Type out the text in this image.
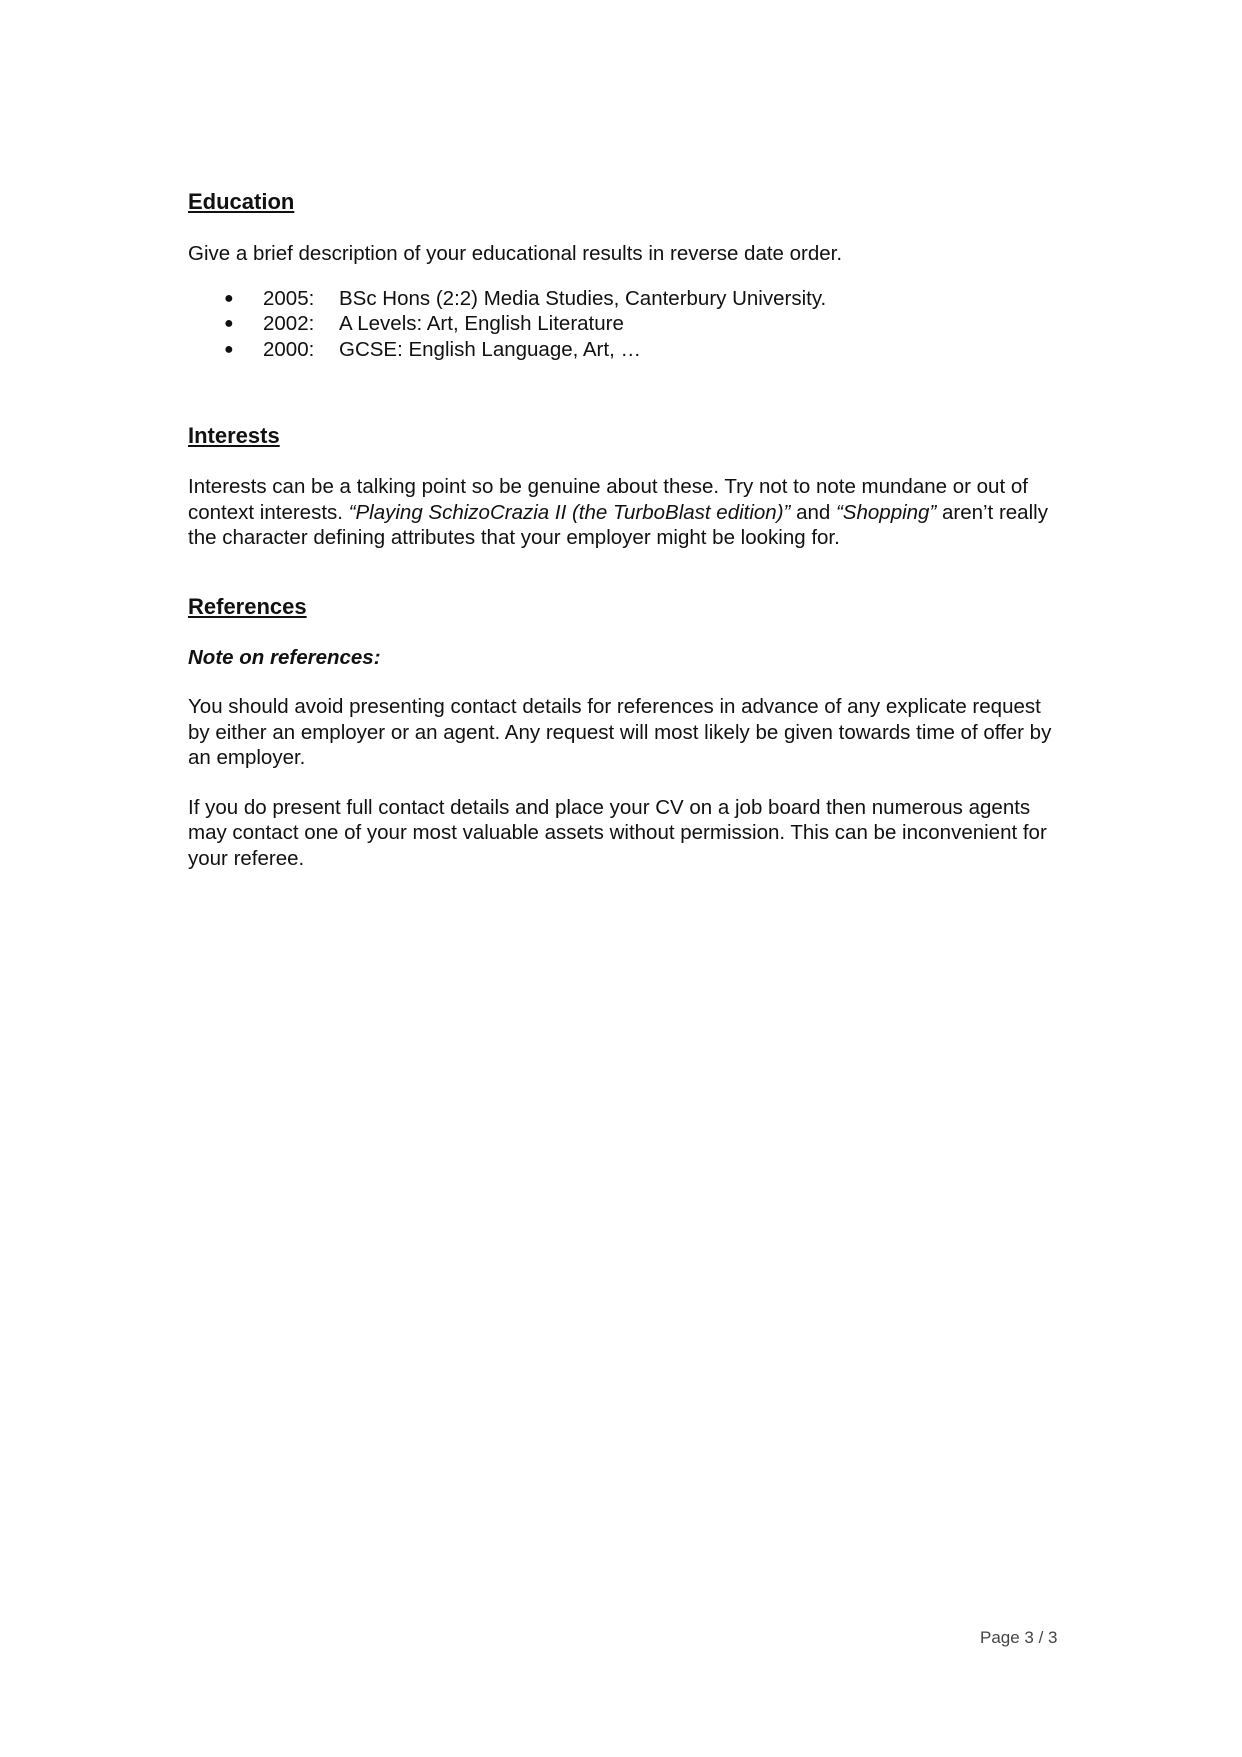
Education

Give a brief description of your educational results in reverse date order.

● 2005: BSc Hons (2:2) Media Studies, Canterbury University.
● 2002: A Levels: Art, English Literature
● 2000: GCSE: English Language, Art, …
Interests

Interests can be a talking point so be genuine about these. Try not to note mundane or out of context interests. “Playing SchizoCrazia II (the TurboBlast edition)” and “Shopping” aren’t really the character defining attributes that your employer might be looking for.

References

Note on references:

You should avoid presenting contact details for references in advance of any explicate request by either an employer or an agent. Any request will most likely be given towards time of offer by an employer.

If you do present full contact details and place your CV on a job board then numerous agents may contact one of your most valuable assets without permission. This can be inconvenient for your referee.

Page 3 / 3
